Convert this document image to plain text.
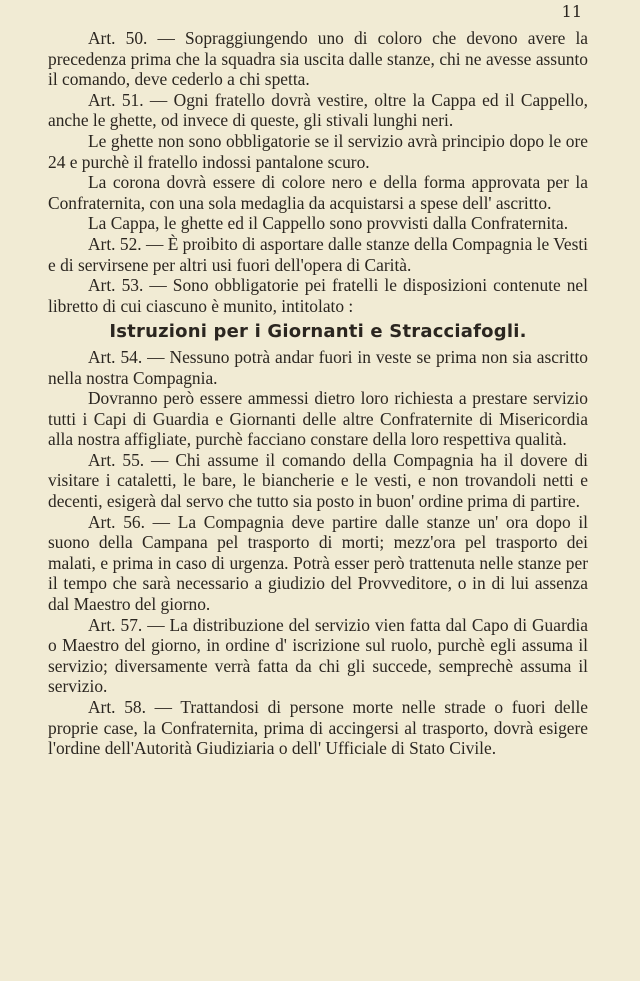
11

Art. 50. — Sopraggiungendo uno di coloro che devono avere la precedenza prima che la squadra sia uscita dalle stanze, chi ne avesse assunto il comando, deve cederlo a chi spetta.

Art. 51. — Ogni fratello dovrà vestire, oltre la Cappa ed il Cappello, anche le ghette, od invece di queste, gli stivali lunghi neri.

Le ghette non sono obbligatorie se il servizio avrà principio dopo le ore 24 e purchè il fratello indossi pantalone scuro.

La corona dovrà essere di colore nero e della forma approvata per la Confraternita, con una sola medaglia da acquistarsi a spese dell' ascritto.

La Cappa, le ghette ed il Cappello sono provvisti dalla Confraternita.

Art. 52. — È proibito di asportare dalle stanze della Compagnia le Vesti e di servirsene per altri usi fuori dell'opera di Carità.

Art. 53. — Sono obbligatorie pei fratelli le disposizioni contenute nel libretto di cui ciascuno è munito, intitolato :

Istruzioni per i Giornanti e Stracciafogli.

Art. 54. — Nessuno potrà andar fuori in veste se prima non sia ascritto nella nostra Compagnia.

Dovranno però essere ammessi dietro loro richiesta a prestare servizio tutti i Capi di Guardia e Giornanti delle altre Confraternite di Misericordia alla nostra affigliate, purchè facciano constare della loro respettiva qualità.

Art. 55. — Chi assume il comando della Compagnia ha il dovere di visitare i cataletti, le bare, le biancherie e le vesti, e non trovandoli netti e decenti, esigerà dal servo che tutto sia posto in buon' ordine prima di partire.

Art. 56. — La Compagnia deve partire dalle stanze un' ora dopo il suono della Campana pel trasporto di morti; mezz'ora pel trasporto dei malati, e prima in caso di urgenza. Potrà esser però trattenuta nelle stanze per il tempo che sarà necessario a giudizio del Provveditore, o in di lui assenza dal Maestro del giorno.

Art. 57. — La distribuzione del servizio vien fatta dal Capo di Guardia o Maestro del giorno, in ordine d' iscrizione sul ruolo, purchè egli assuma il servizio; diversamente verrà fatta da chi gli succede, semprechè assuma il servizio.

Art. 58. — Trattandosi di persone morte nelle strade o fuori delle proprie case, la Confraternita, prima di accingersi al trasporto, dovrà esigere l'ordine dell'Autorità Giudiziaria o dell' Ufficiale di Stato Civile.
